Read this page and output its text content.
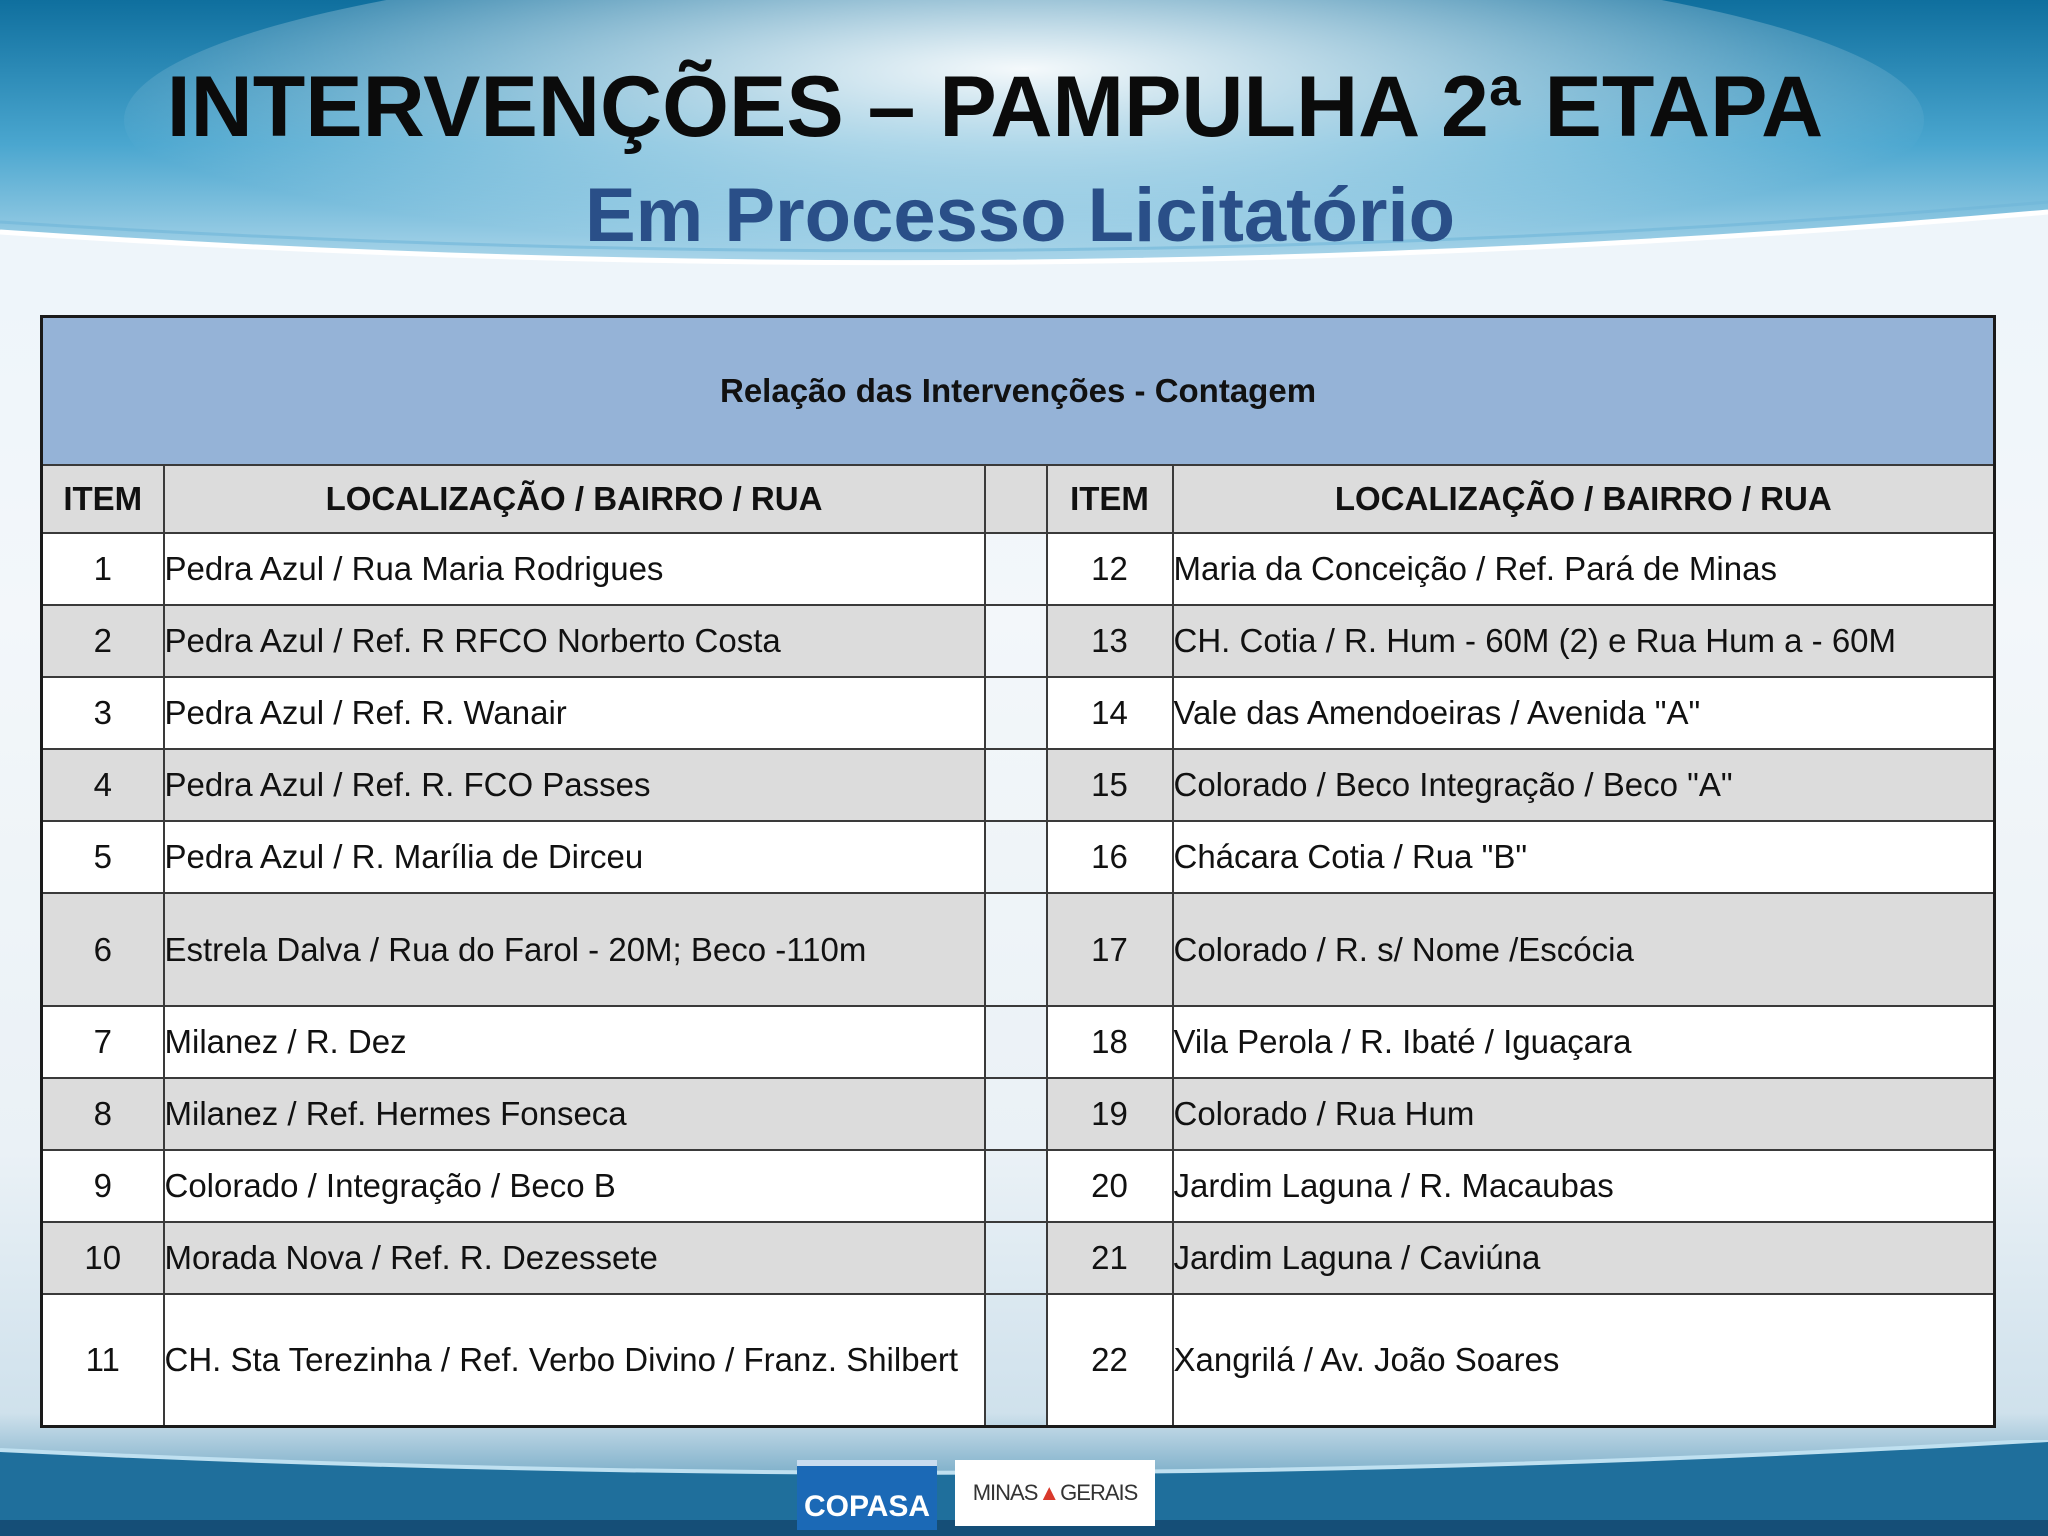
INTERVENÇÕES – PAMPULHA 2ª ETAPA
Em Processo Licitatório
Relação das Intervenções - Contagem				
ITEM	LOCALIZAÇÃO / BAIRRO / RUA		ITEM	LOCALIZAÇÃO / BAIRRO / RUA
1	Pedra Azul / Rua Maria Rodrigues		12	Maria da Conceição / Ref. Pará de Minas
2	Pedra Azul / Ref. R RFCO Norberto Costa		13	CH. Cotia / R. Hum - 60M (2) e Rua Hum a - 60M
3	Pedra Azul / Ref. R. Wanair		14	Vale das Amendoeiras / Avenida "A"
4	Pedra Azul / Ref. R. FCO Passes		15	Colorado / Beco Integração / Beco "A"
5	Pedra Azul / R. Marília de Dirceu		16	Chácara Cotia / Rua "B"
6	Estrela Dalva / Rua do Farol - 20M; Beco -110m		17	Colorado / R. s/ Nome /Escócia
7	Milanez / R. Dez		18	Vila Perola / R. Ibaté / Iguaçara
8	Milanez / Ref. Hermes Fonseca		19	Colorado / Rua Hum
9	Colorado / Integração / Beco B		20	Jardim Laguna / R. Macaubas
10	Morada Nova / Ref. R. Dezessete		21	Jardim Laguna / Caviúna
11	CH. Sta Terezinha / Ref. Verbo Divino / Franz. Shilbert		22	Xangrilá / Av. João Soares
COPASA MINAS ▲ GERAIS
